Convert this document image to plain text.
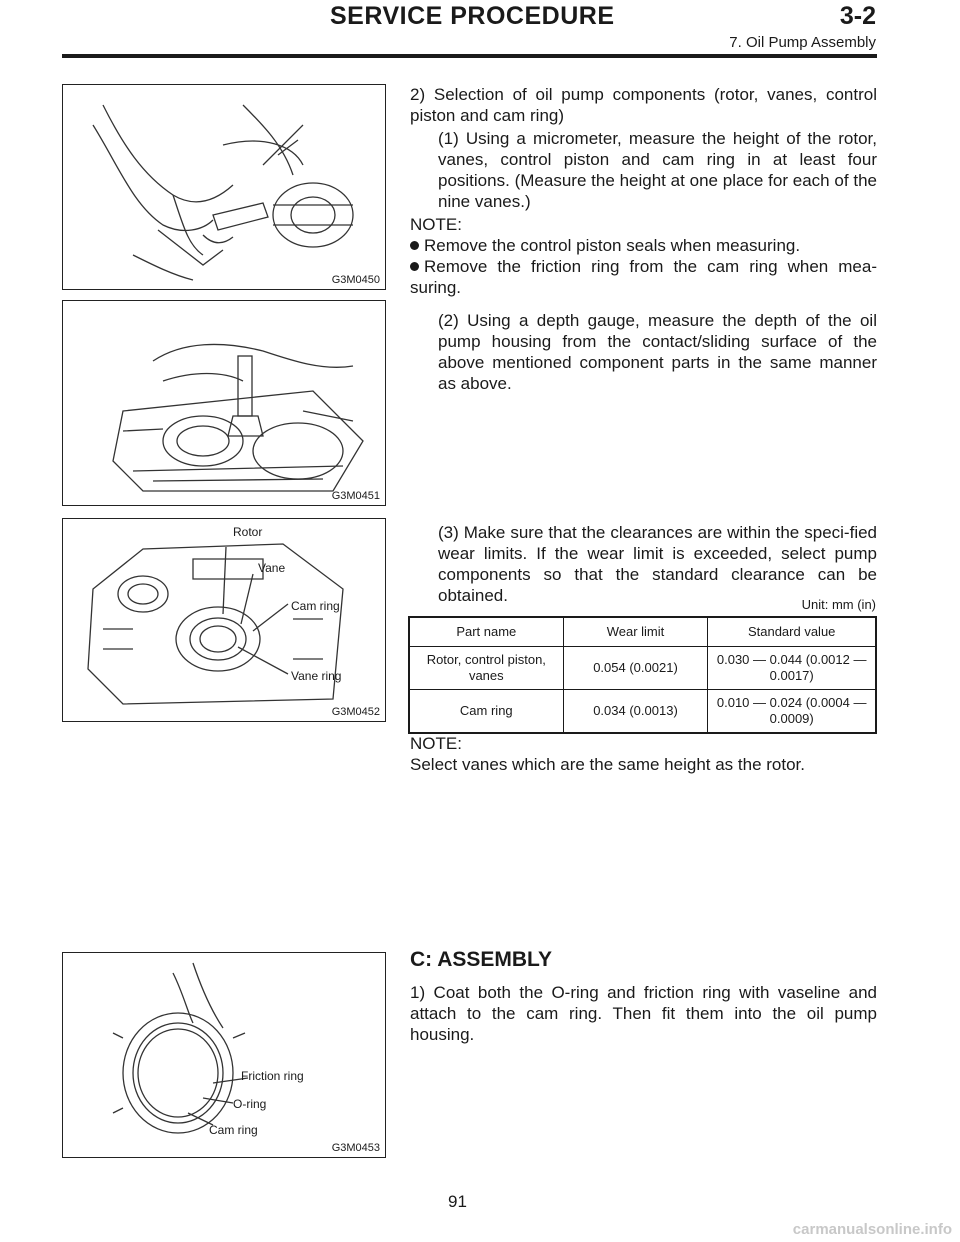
SERVICE PROCEDURE	3-2
7. Oil Pump Assembly
G3M0450
G3M0451
Rotor
Vane
Cam ring
Vane ring
G3M0452
2) Selection of oil pump components (rotor, vanes, control piston and cam ring)
(1) Using a micrometer, measure the height of the rotor, vanes, control piston and cam ring in at least four positions. (Measure the height at one place for each of the nine vanes.)
NOTE:
Remove the control piston seals when measuring.
Remove the friction ring from the cam ring when mea-suring.
(2) Using a depth gauge, measure the depth of the oil pump housing from the contact/sliding surface of the above mentioned component parts in the same manner as above.
(3) Make sure that the clearances are within the speci-fied wear limits. If the wear limit is exceeded, select pump components so that the standard clearance can be obtained.	Unit: mm (in)
Part name	Wear limit	Standard value
Rotor, control piston, vanes	0.054 (0.0021)	0.030 — 0.044 (0.0012 — 0.0017)
Cam ring	0.034 (0.0013)	0.010 — 0.024 (0.0004 — 0.0009)
NOTE:
Select vanes which are the same height as the rotor.
Friction ring
O-ring
Cam ring
G3M0453
C: ASSEMBLY
1) Coat both the O-ring and friction ring with vaseline and attach to the cam ring. Then fit them into the oil pump housing.
91
carmanualsonline.info
